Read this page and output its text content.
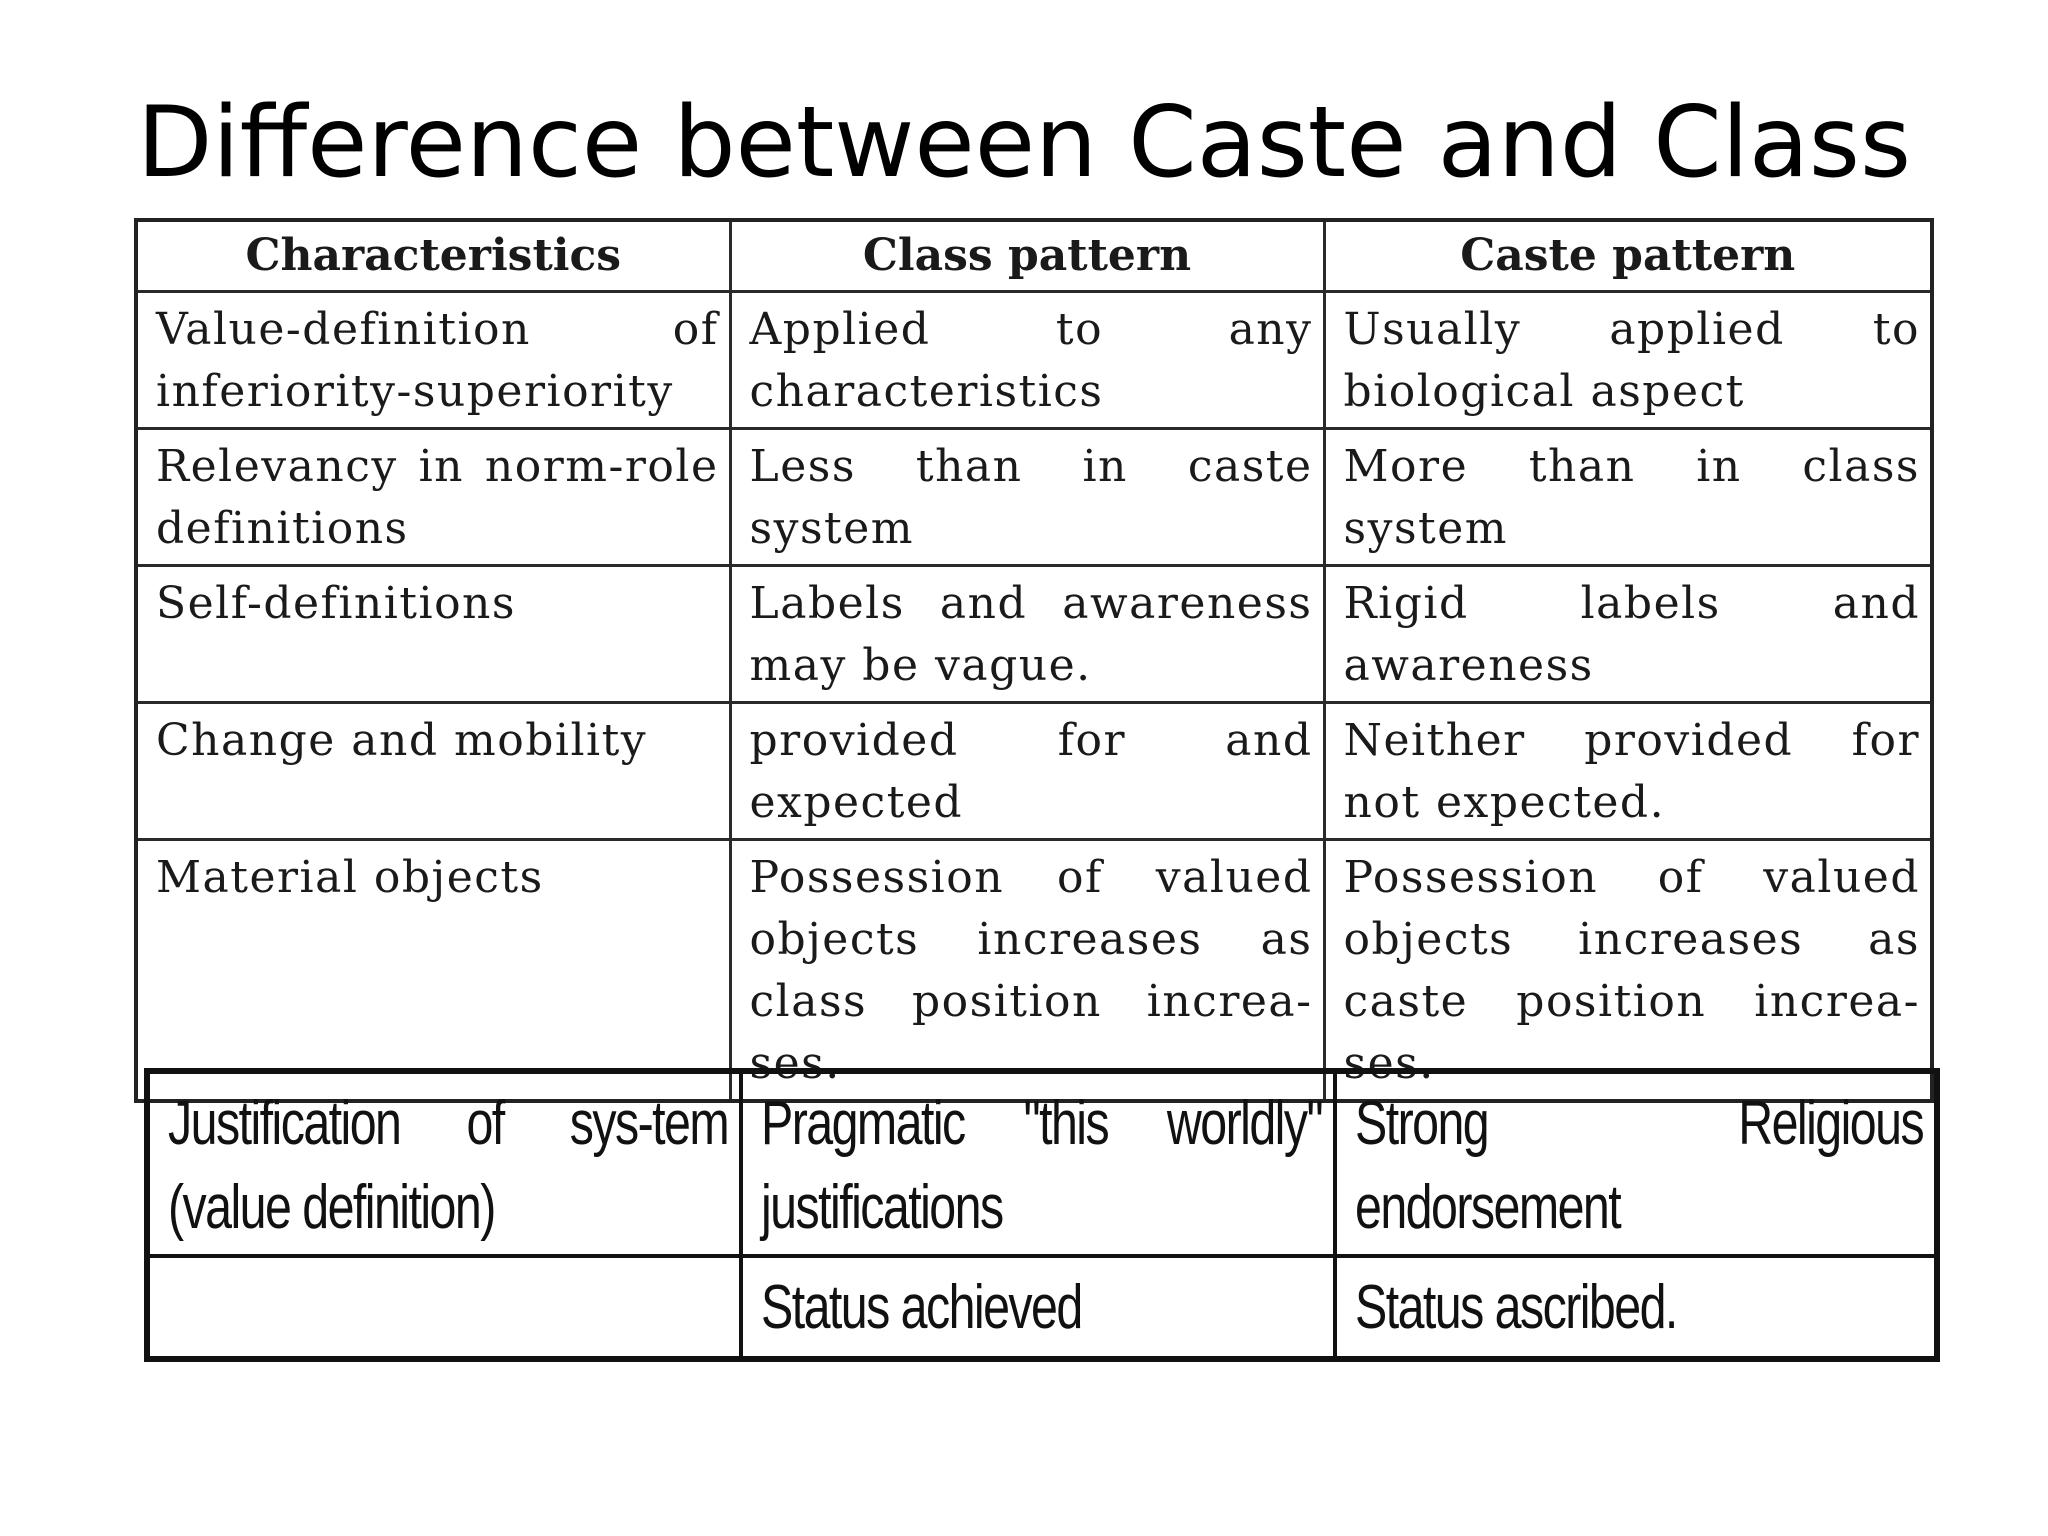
Difference between Caste and Class
Characteristics	Class pattern	Caste pattern
Value-definition of inferiority-superiority	Applied to any characteristics	Usually applied to biological aspect
Relevancy in norm-role definitions	Less than in caste system	More than in class system
Self-definitions	Labels and awareness may be vague.	Rigid labels and awareness
Change and mobility	provided for and expected	Neither provided for not expected.
Material objects	Possession of valued objects increases as class position increa-ses.	Possession of valued objects increases as caste position increa-ses.
Justification of sys-tem (value definition)	Pragmatic "this worldly" justifications	Strong Religious endorsement
	Status achieved	Status ascribed.
